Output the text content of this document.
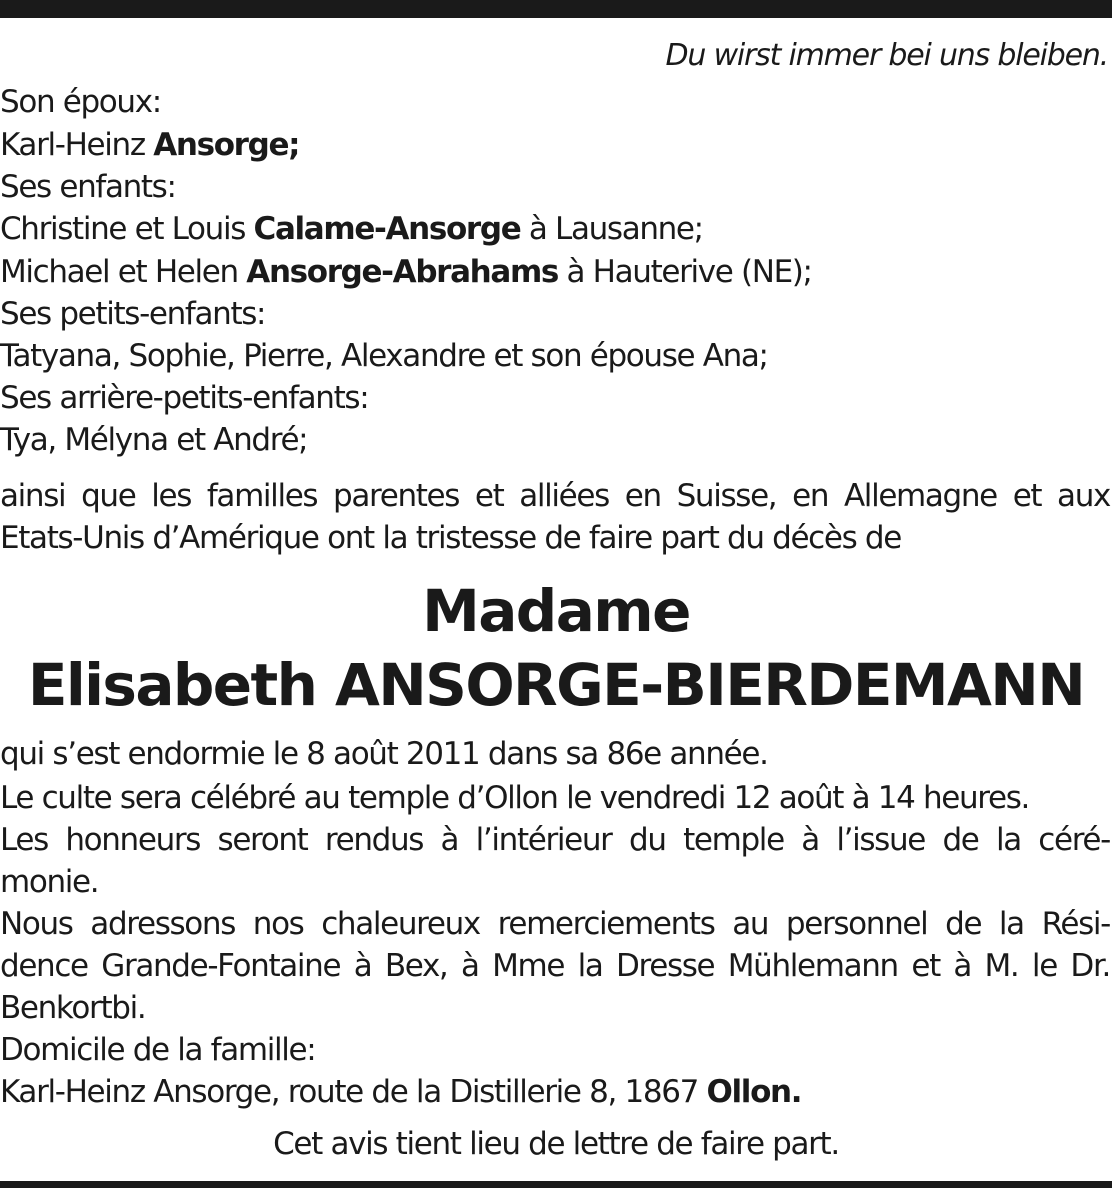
Du wirst immer bei uns bleiben.
Son époux:
Karl-Heinz Ansorge;
Ses enfants:
Christine et Louis Calame-Ansorge à Lausanne;
Michael et Helen Ansorge-Abrahams à Hauterive (NE);
Ses petits-enfants:
Tatyana, Sophie, Pierre, Alexandre et son épouse Ana;
Ses arrière-petits-enfants:
Tya, Mélyna et André;
ainsi que les familles parentes et alliées en Suisse, en Allemagne et aux
Etats-Unis d’Amérique ont la tristesse de faire part du décès de
Madame
Elisabeth ANSORGE-BIERDEMANN
qui s’est endormie le 8 août 2011 dans sa 86e année.
Le culte sera célébré au temple d’Ollon le vendredi 12 août à 14 heures.
Les honneurs seront rendus à l’intérieur du temple à l’issue de la céré-
monie.
Nous adressons nos chaleureux remerciements au personnel de la Rési-
dence Grande-Fontaine à Bex, à Mme la Dresse Mühlemann et à M. le Dr.
Benkortbi.
Domicile de la famille:
Karl-Heinz Ansorge, route de la Distillerie 8, 1867 Ollon.
Cet avis tient lieu de lettre de faire part.
